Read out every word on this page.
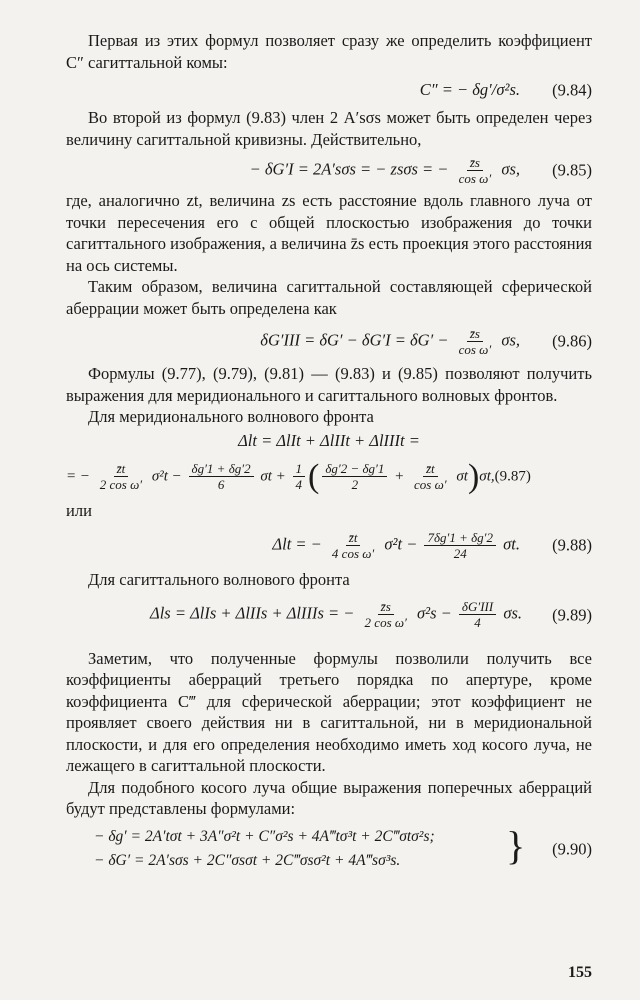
Первая из этих формул позволяет сразу же определить коэффициент C″ сагиттальной комы:

C″ = − δg′/σ²s. (9.84)

Во второй из формул (9.83) член 2 A′sσs может быть определен через величину сагиттальной кривизны. Действительно,

− δG′I = 2A′sσs = − zsσs = − $\frac{z̄s}{\text{cos ω′}} \sigma s$, (9.85)

где, аналогично zt, величина zs есть расстояние вдоль главного луча от точки пересечения его с общей плоскостью изображения до точки сагиттального изображения, а величина z̄s есть проекция этого расстояния на ось системы.

Таким образом, величина сагиттальной составляющей сферической аберрации может быть определена как

$\delta G'III = \delta G' - \delta G'I = \delta G' - \frac{z̄s}{\text{cos ω′}} \sigma s$, (9.86)

Формулы (9.77), (9.79), (9.81) — (9.83) и (9.85) позволяют получить выражения для меридионального и сагиттального волновых фронтов.

Для меридионального волнового фронта

Δlt = ΔlIt + ΔlIIt + ΔlIIIt =
= − $\frac{z̄t}{\text{2 cos ω′}} \sigma^2t - \frac{\delta g'1 + \delta g'2}{6}$ $\sigma t + \frac{1}{4}$ ( $\frac{\delta g'2 - \delta g'1}{2} + \frac{z̄t}{\text{cos ω′}} \sigma t)\sigma t,(9.87)$

или

Δlt = − $\frac{z̄t}{\text{4 cos ω′}} \sigma^2t - \frac{7\delta g'1 + \delta g'2}{24} \sigma t$. (9.88)

Для сагиттального волнового фронта

Δls = ΔlIs + ΔlIIs + ΔlIIIs = − $\frac{z̄s}{\text{2 cos ω′}} \sigma^2s - \frac{\text{δG′III}}{4} \sigma s$. (9.89)

Заметим, что полученные формулы позволили получить все коэффициенты аберраций третьего порядка по апертуре, кроме коэффициента C‴ для сферической аберрации; этот коэффициент не проявляет своего действия ни в сагиттальной, ни в меридиональной плоскости, и для его определения необходимо иметь ход косого луча, не лежащего в сагиттальной плоскости.

Для подобного косого луча общие выражения поперечных аберраций будут представлены формулами:

− δg′ = 2A′tσt + 3A″σ²t + C″σ²s + 4A‴tσ³t + 2C‴σtσ²s;
− δG′ = 2A′sσs + 2C″σsσt + 2C‴σsσ²t + 4A‴sσ³s.	} (9.90)
155
